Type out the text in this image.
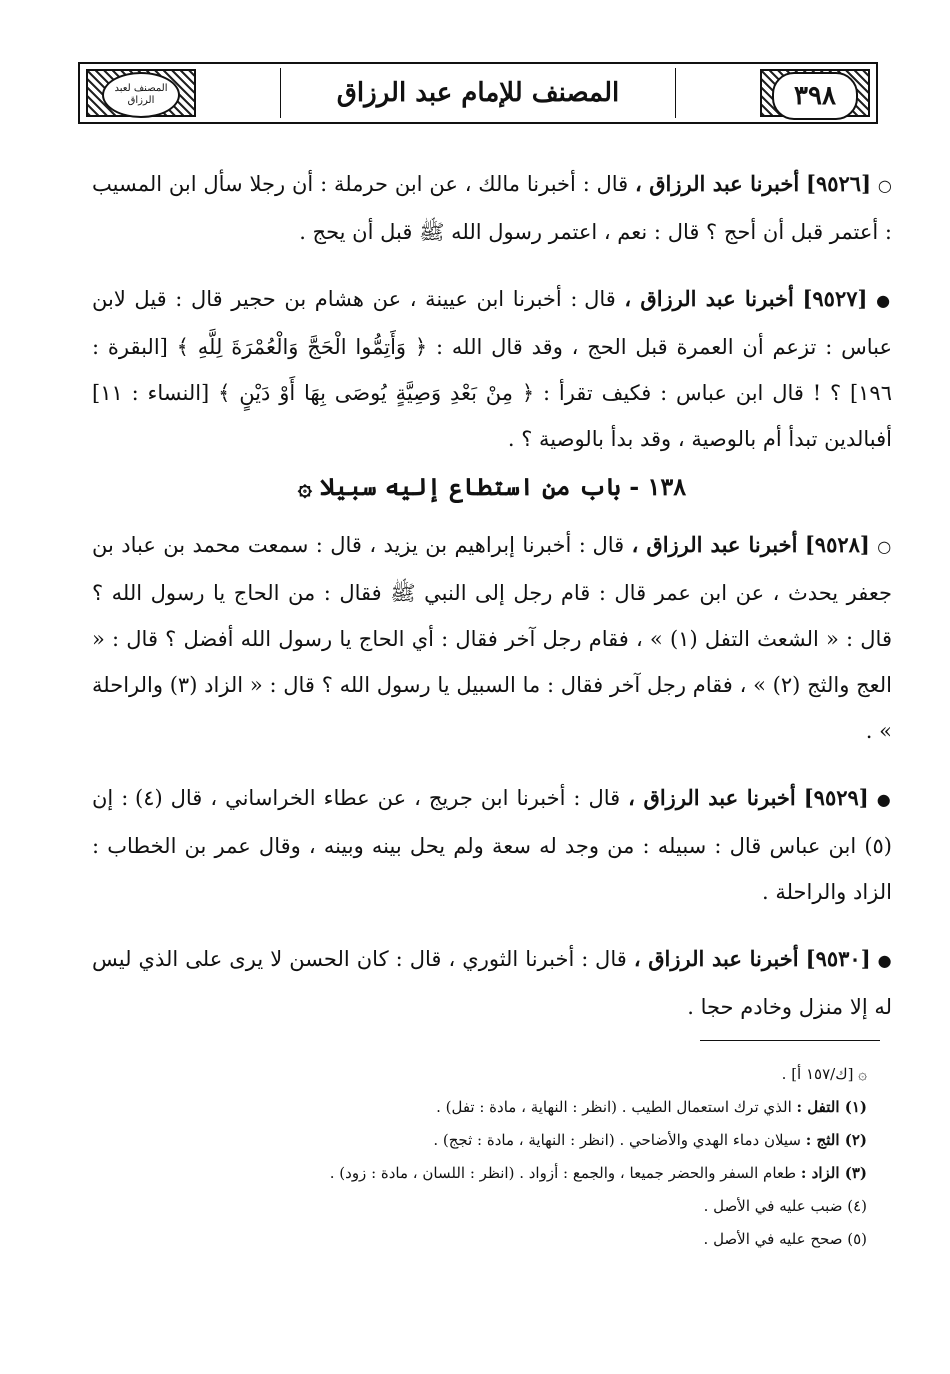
المصنف لعبد الرزاق	المصنف للإمام عبد الرزاق	٣٩٨

○ [٩٥٢٦] أخبرنا عبد الرزاق ، قال : أخبرنا مالك ، عن ابن حرملة : أن رجلا سأل ابن المسيب : أعتمر قبل أن أحج ؟ قال : نعم ، اعتمر رسول الله ﷺ قبل أن يحج .

● [٩٥٢٧] أخبرنا عبد الرزاق ، قال : أخبرنا ابن عيينة ، عن هشام بن حجير قال : قيل لابن عباس : تزعم أن العمرة قبل الحج ، وقد قال الله : ﴿ وَأَتِمُّوا الْحَجَّ وَالْعُمْرَةَ لِلَّهِ ﴾ [البقرة : ١٩٦] ؟ ! قال ابن عباس : فكيف تقرأ : ﴿ مِنْ بَعْدِ وَصِيَّةٍ يُوصَى بِهَا أَوْ دَيْنٍ ﴾ [النساء : ١١] أفبالدين تبدأ أم بالوصية ، وقد بدأ بالوصية ؟ .

١٣٨ - باب من استطاع إليه سبيلا ۞

○ [٩٥٢٨] أخبرنا عبد الرزاق ، قال : أخبرنا إبراهيم بن يزيد ، قال : سمعت محمد بن عباد بن جعفر يحدث ، عن ابن عمر قال : قام رجل إلى النبي ﷺ فقال : من الحاج يا رسول الله ؟ قال : « الشعث التفل (١) » ، فقام رجل آخر فقال : أي الحاج يا رسول الله أفضل ؟ قال : « العج والثج (٢) » ، فقام رجل آخر فقال : ما السبيل يا رسول الله ؟ قال : « الزاد (٣) والراحلة » .

● [٩٥٢٩] أخبرنا عبد الرزاق ، قال : أخبرنا ابن جريج ، عن عطاء الخراساني ، قال (٤) : إن (٥) ابن عباس قال : سبيله : من وجد له سعة ولم يحل بينه وبينه ، وقال عمر بن الخطاب : الزاد والراحلة .

● [٩٥٣٠] أخبرنا عبد الرزاق ، قال : أخبرنا الثوري ، قال : كان الحسن لا يرى على الذي ليس له إلا منزل وخادم حجا .

۞ [ك/١٥٧ أ] .
(١) التفل : الذي ترك استعمال الطيب . (انظر : النهاية ، مادة : تفل) .
(٢) الثج : سيلان دماء الهدي والأضاحي . (انظر : النهاية ، مادة : ثجج) .
(٣) الزاد : طعام السفر والحضر جميعا ، والجمع : أزواد . (انظر : اللسان ، مادة : زود) .
(٤) ضبب عليه في الأصل .
(٥) صحح عليه في الأصل .
